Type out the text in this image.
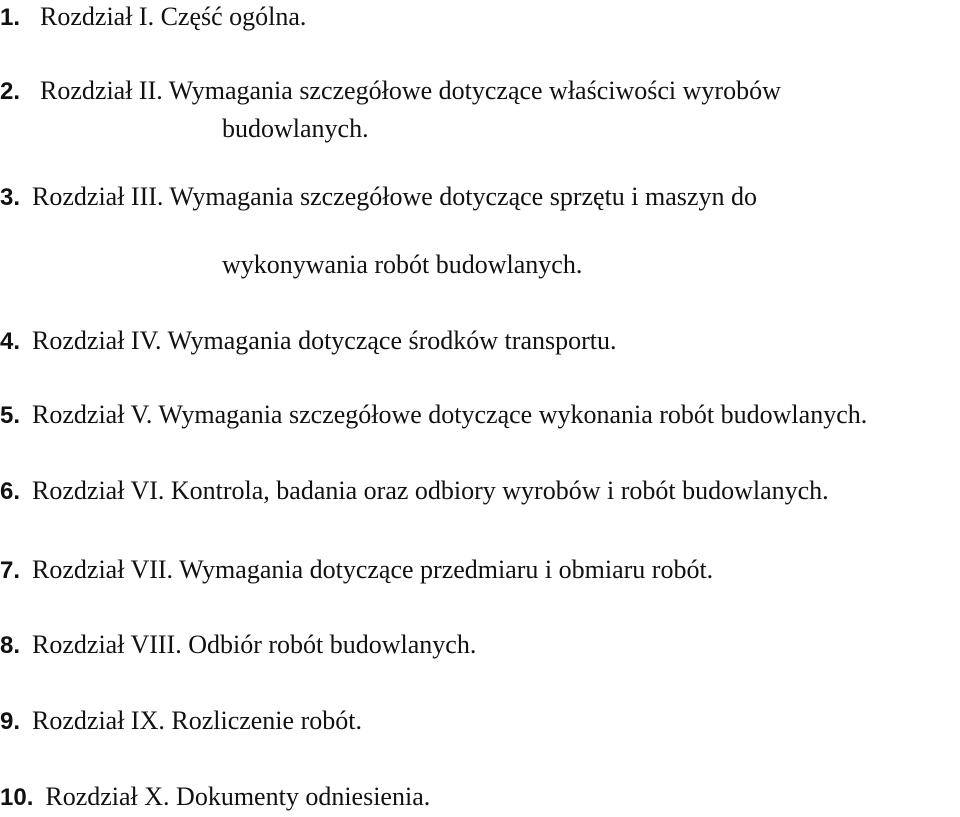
1. Rozdział I. Część ogólna.
2. Rozdział II. Wymagania szczegółowe dotyczące właściwości wyrobów
budowlanych.
3. Rozdział III. Wymagania szczegółowe dotyczące sprzętu i maszyn do
wykonywania robót budowlanych.
4. Rozdział IV. Wymagania dotyczące środków transportu.
5. Rozdział V. Wymagania szczegółowe dotyczące wykonania robót budowlanych.
6. Rozdział VI. Kontrola, badania oraz odbiory wyrobów i robót budowlanych.
7. Rozdział VII. Wymagania dotyczące przedmiaru i obmiaru robót.
8. Rozdział VIII. Odbiór robót budowlanych.
9. Rozdział IX. Rozliczenie robót.
10. Rozdział X. Dokumenty odniesienia.
